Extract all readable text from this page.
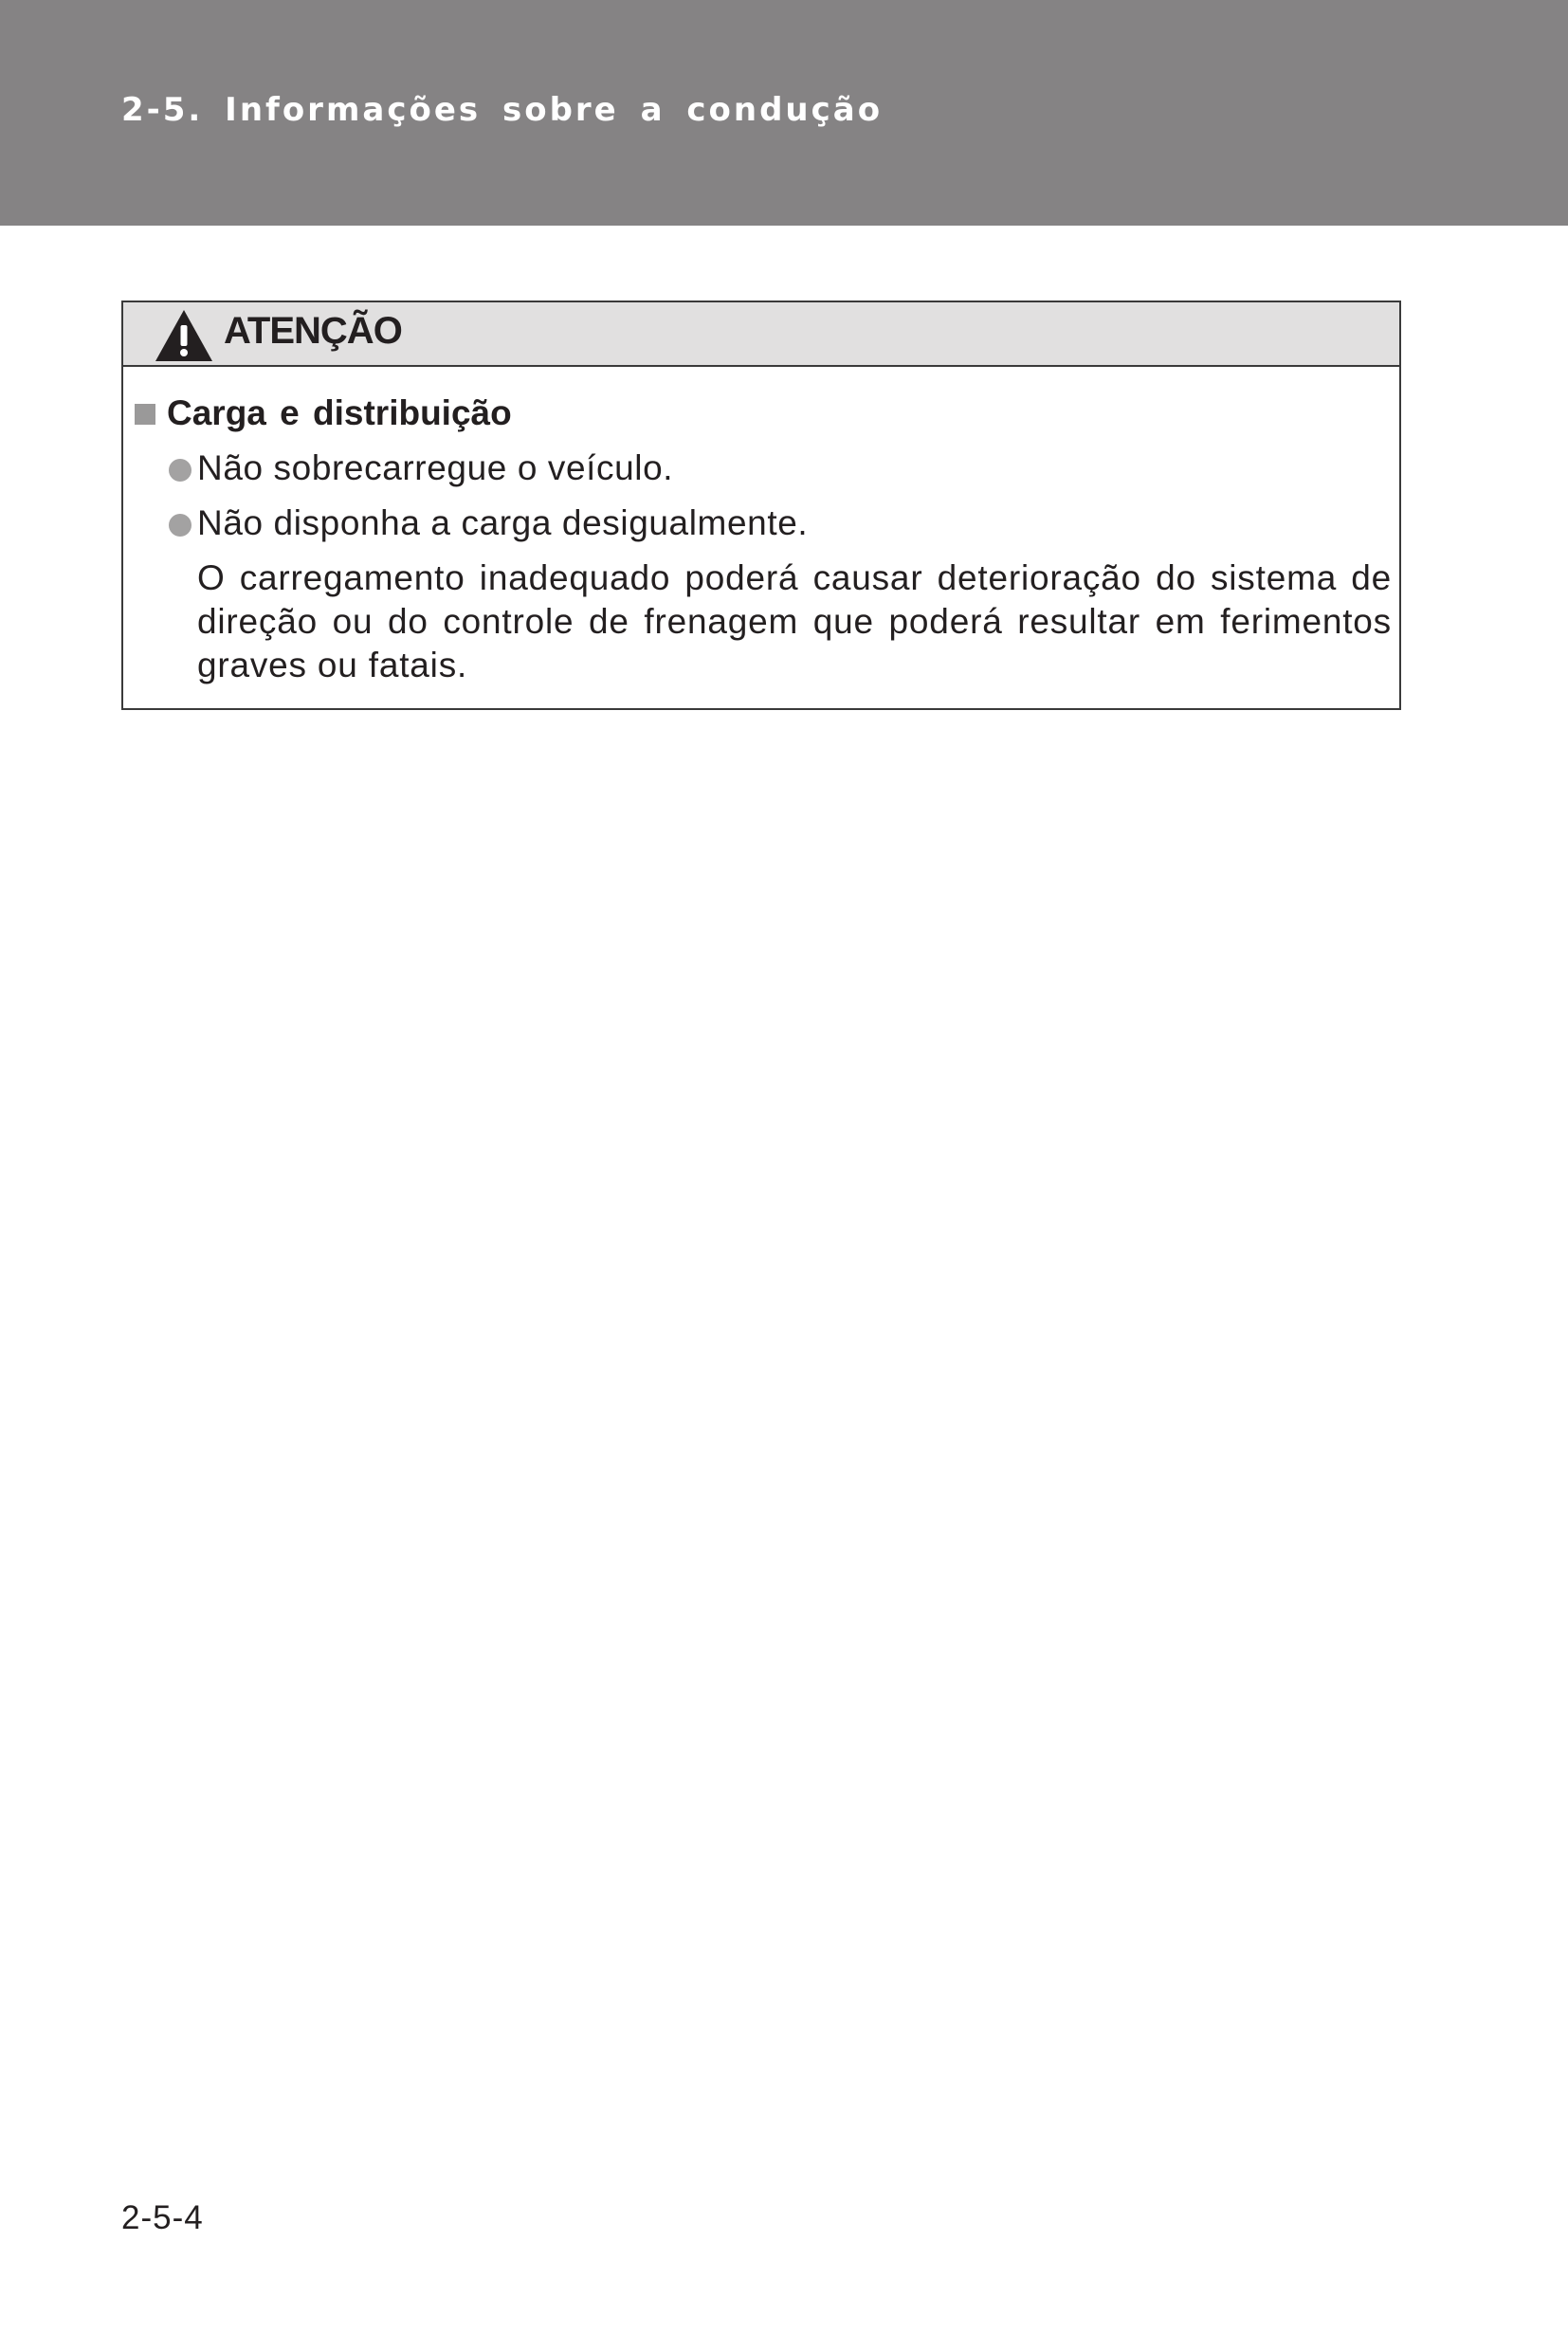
2-5. Informações sobre a condução
ATENÇÃO
Carga e distribuição
Não sobrecarregue o veículo.
Não disponha a carga desigualmente.
O carregamento inadequado poderá causar deterioração do sistema de direção ou do controle de frenagem que poderá resultar em ferimentos graves ou fatais.
2-5-4
